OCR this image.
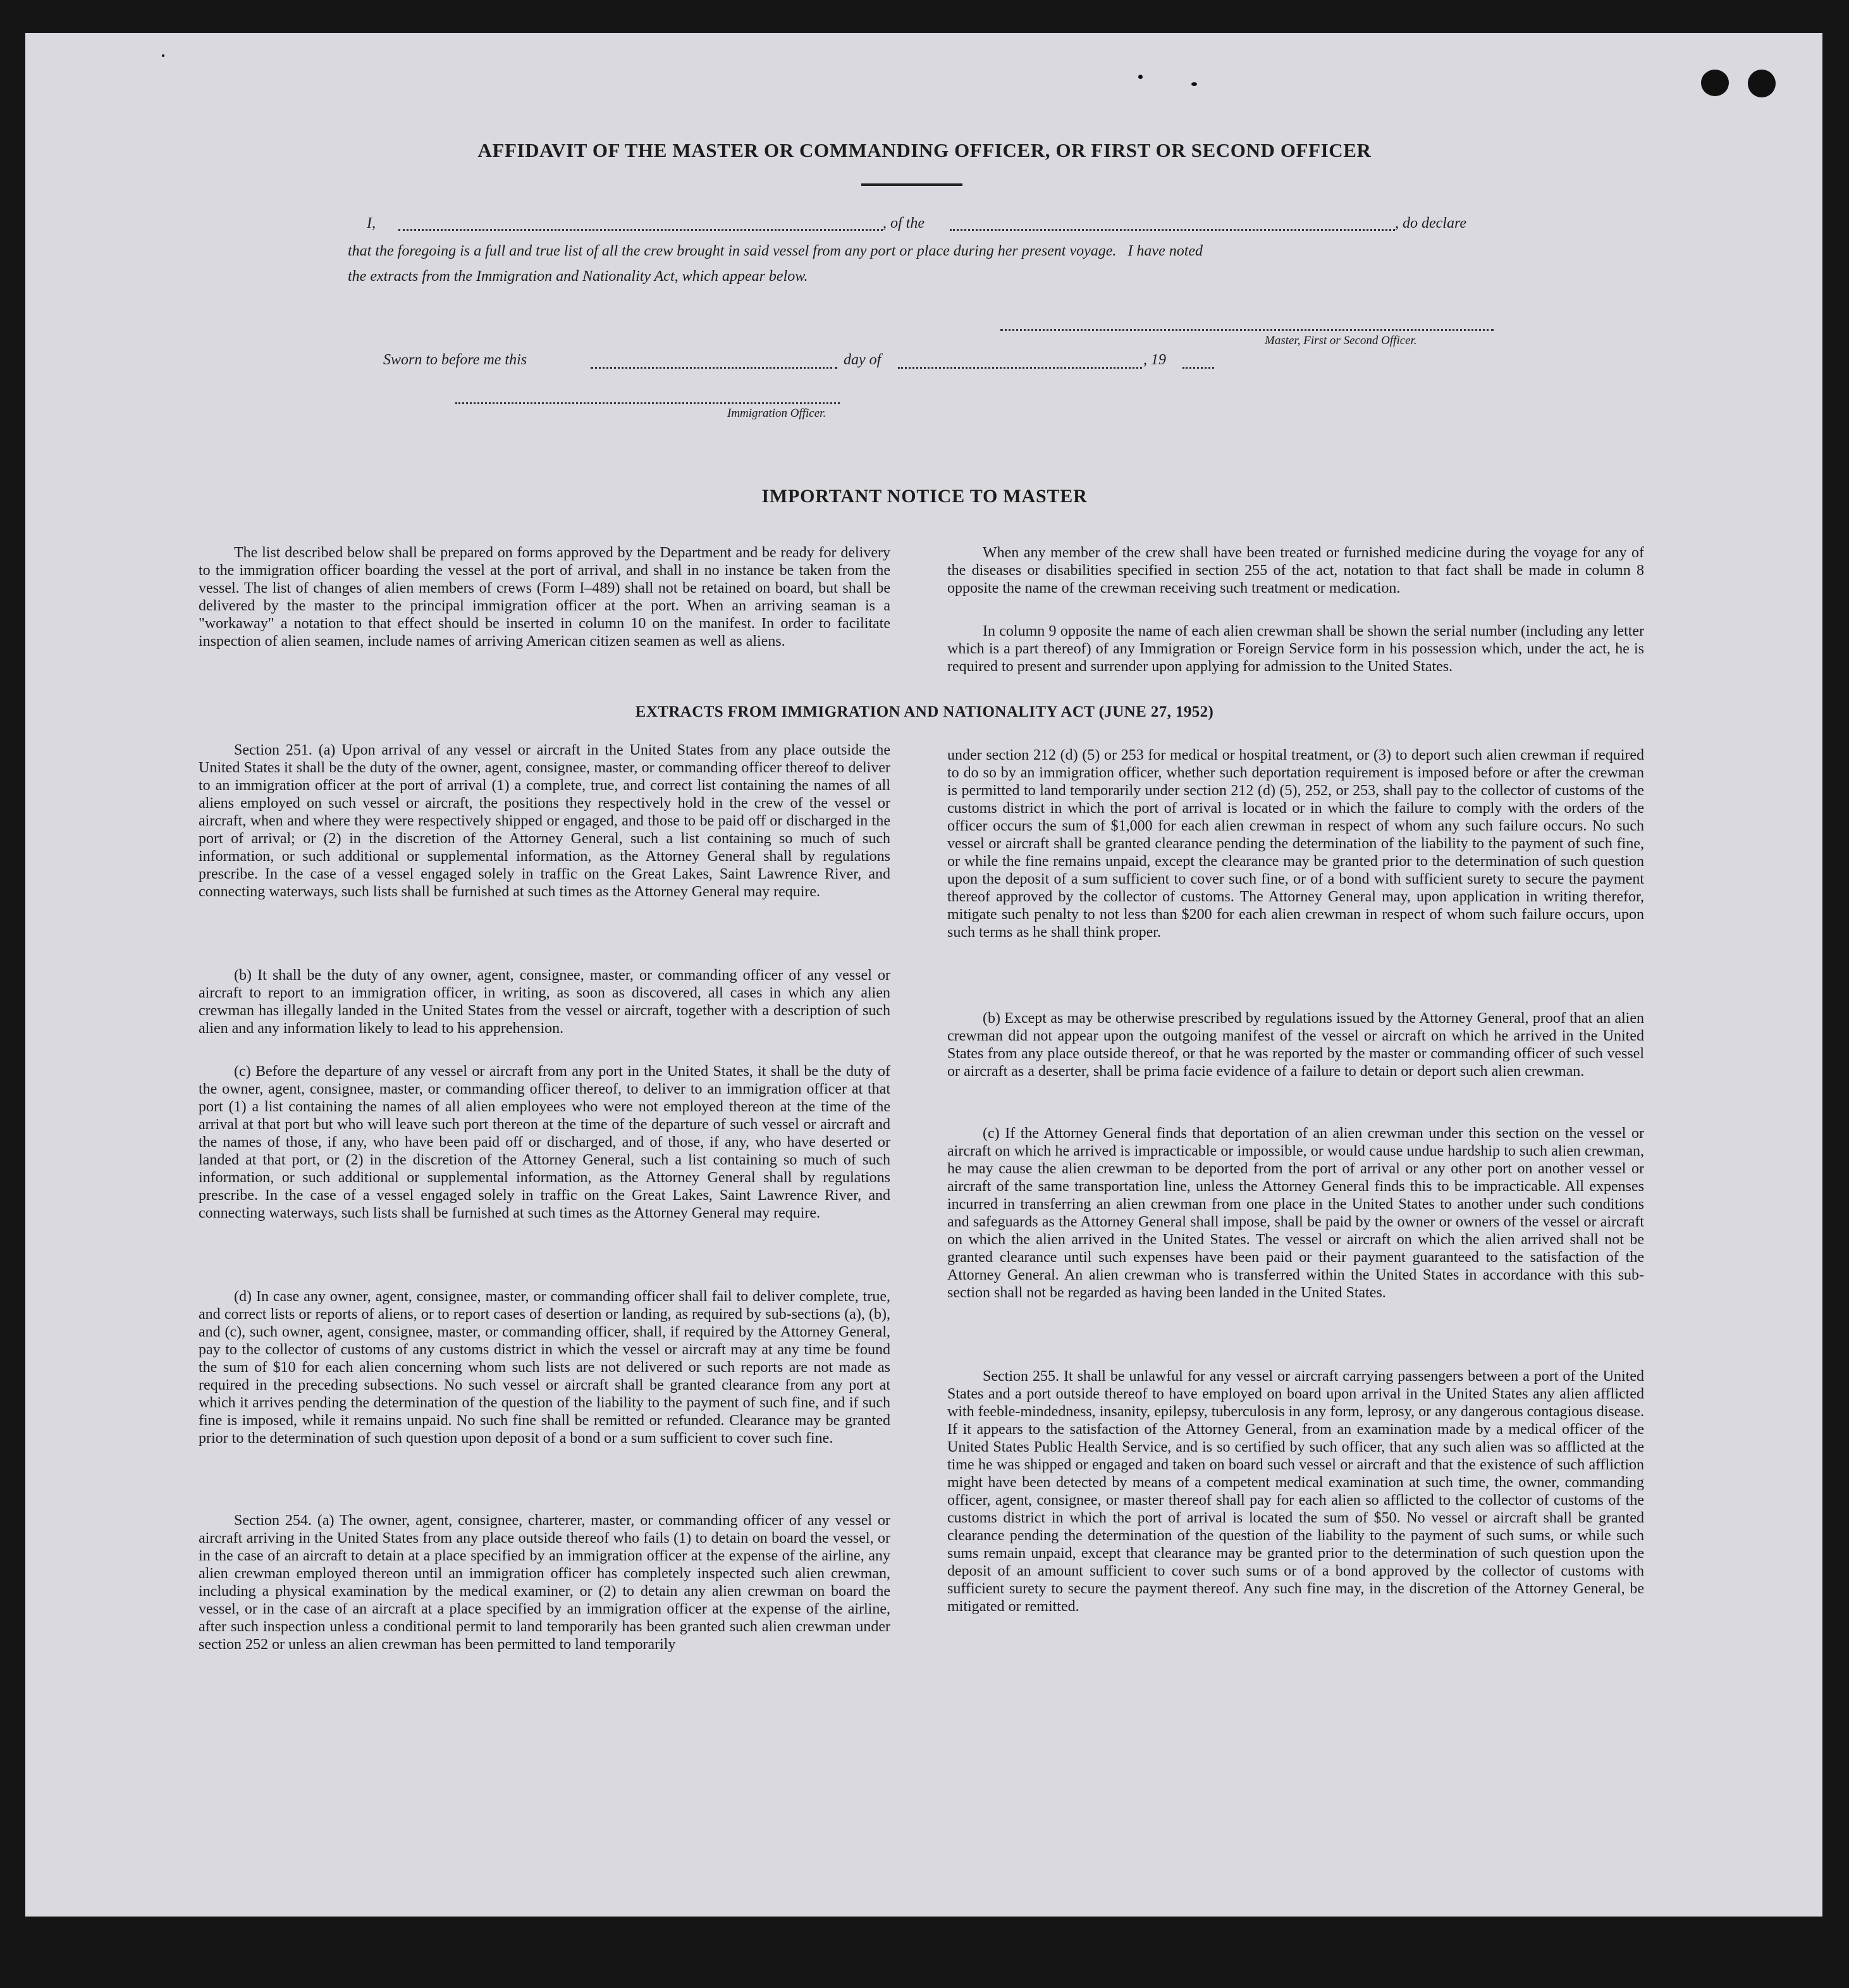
AFFIDAVIT OF THE MASTER OR COMMANDING OFFICER, OR FIRST OR SECOND OFFICER
I,	, of the	, do declare
that the foregoing is a full and true list of all the crew brought in said vessel from any port or place during her present voyage.   I have noted
the extracts from the Immigration and Nationality Act, which appear below.
Master, First or Second Officer.
Sworn to before me this	day of	, 19
Immigration Officer.
IMPORTANT NOTICE TO MASTER

The list described below shall be prepared on forms approved by the Department and be ready for delivery to the immigration officer boarding the vessel at the port of arrival, and shall in no instance be taken from the vessel. The list of changes of alien members of crews (Form I–489) shall not be retained on board, but shall be delivered by the master to the principal immigration officer at the port. When an arriving seaman is a "workaway" a notation to that effect should be inserted in column 10 on the manifest. In order to facilitate inspection of alien seamen, include names of arriving American citizen seamen as well as aliens.

When any member of the crew shall have been treated or furnished medicine during the voyage for any of the diseases or disabilities specified in section 255 of the act, notation to that fact shall be made in column 8 opposite the name of the crewman receiving such treatment or medication.

In column 9 opposite the name of each alien crewman shall be shown the serial number (including any letter which is a part thereof) of any Immigration or Foreign Service form in his possession which, under the act, he is required to present and surrender upon applying for admission to the United States.

EXTRACTS FROM IMMIGRATION AND NATIONALITY ACT (JUNE 27, 1952)

Section 251. (a) Upon arrival of any vessel or aircraft in the United States from any place outside the United States it shall be the duty of the owner, agent, consignee, master, or commanding officer thereof to deliver to an immigration officer at the port of arrival (1) a complete, true, and correct list containing the names of all aliens employed on such vessel or aircraft, the positions they respectively hold in the crew of the vessel or aircraft, when and where they were respectively shipped or engaged, and those to be paid off or discharged in the port of arrival; or (2) in the discretion of the Attorney General, such a list containing so much of such information, or such additional or supplemental information, as the Attorney General shall by regulations prescribe. In the case of a vessel engaged solely in traffic on the Great Lakes, Saint Lawrence River, and connecting waterways, such lists shall be furnished at such times as the Attorney General may require.

(b) It shall be the duty of any owner, agent, consignee, master, or commanding officer of any vessel or aircraft to report to an immigration officer, in writing, as soon as discovered, all cases in which any alien crewman has illegally landed in the United States from the vessel or aircraft, together with a description of such alien and any information likely to lead to his apprehension.

(c) Before the departure of any vessel or aircraft from any port in the United States, it shall be the duty of the owner, agent, consignee, master, or commanding officer thereof, to deliver to an immigration officer at that port (1) a list containing the names of all alien employees who were not employed thereon at the time of the arrival at that port but who will leave such port thereon at the time of the departure of such vessel or aircraft and the names of those, if any, who have been paid off or discharged, and of those, if any, who have deserted or landed at that port, or (2) in the discretion of the Attorney General, such a list containing so much of such information, or such additional or supplemental information, as the Attorney General shall by regulations prescribe. In the case of a vessel engaged solely in traffic on the Great Lakes, Saint Lawrence River, and connecting waterways, such lists shall be furnished at such times as the Attorney General may require.

(d) In case any owner, agent, consignee, master, or commanding officer shall fail to deliver complete, true, and correct lists or reports of aliens, or to report cases of desertion or landing, as required by sub-sections (a), (b), and (c), such owner, agent, consignee, master, or commanding officer, shall, if required by the Attorney General, pay to the collector of customs of any customs district in which the vessel or aircraft may at any time be found the sum of $10 for each alien concerning whom such lists are not delivered or such reports are not made as required in the preceding subsections. No such vessel or aircraft shall be granted clearance from any port at which it arrives pending the determination of the question of the liability to the payment of such fine, and if such fine is imposed, while it remains unpaid. No such fine shall be remitted or refunded. Clearance may be granted prior to the determination of such question upon deposit of a bond or a sum sufficient to cover such fine.

Section 254. (a) The owner, agent, consignee, charterer, master, or commanding officer of any vessel or aircraft arriving in the United States from any place outside thereof who fails (1) to detain on board the vessel, or in the case of an aircraft to detain at a place specified by an immigration officer at the expense of the airline, any alien crewman employed thereon until an immigration officer has completely inspected such alien crewman, including a physical examination by the medical examiner, or (2) to detain any alien crewman on board the vessel, or in the case of an aircraft at a place specified by an immigration officer at the expense of the airline, after such inspection unless a conditional permit to land temporarily has been granted such alien crewman under section 252 or unless an alien crewman has been permitted to land temporarily

under section 212 (d) (5) or 253 for medical or hospital treatment, or (3) to deport such alien crewman if required to do so by an immigration officer, whether such deportation requirement is imposed before or after the crewman is permitted to land temporarily under section 212 (d) (5), 252, or 253, shall pay to the collector of customs of the customs district in which the port of arrival is located or in which the failure to comply with the orders of the officer occurs the sum of $1,000 for each alien crewman in respect of whom any such failure occurs. No such vessel or aircraft shall be granted clearance pending the determination of the liability to the payment of such fine, or while the fine remains unpaid, except the clearance may be granted prior to the determination of such question upon the deposit of a sum sufficient to cover such fine, or of a bond with sufficient surety to secure the payment thereof approved by the collector of customs. The Attorney General may, upon application in writing therefor, mitigate such penalty to not less than $200 for each alien crewman in respect of whom such failure occurs, upon such terms as he shall think proper.

(b) Except as may be otherwise prescribed by regulations issued by the Attorney General, proof that an alien crewman did not appear upon the outgoing manifest of the vessel or aircraft on which he arrived in the United States from any place outside thereof, or that he was reported by the master or commanding officer of such vessel or aircraft as a deserter, shall be prima facie evidence of a failure to detain or deport such alien crewman.

(c) If the Attorney General finds that deportation of an alien crewman under this section on the vessel or aircraft on which he arrived is impracticable or impossible, or would cause undue hardship to such alien crewman, he may cause the alien crewman to be deported from the port of arrival or any other port on another vessel or aircraft of the same transportation line, unless the Attorney General finds this to be impracticable. All expenses incurred in transferring an alien crewman from one place in the United States to another under such conditions and safeguards as the Attorney General shall impose, shall be paid by the owner or owners of the vessel or aircraft on which the alien arrived in the United States. The vessel or aircraft on which the alien arrived shall not be granted clearance until such expenses have been paid or their payment guaranteed to the satisfaction of the Attorney General. An alien crewman who is transferred within the United States in accordance with this sub-section shall not be regarded as having been landed in the United States.

Section 255. It shall be unlawful for any vessel or aircraft carrying passengers between a port of the United States and a port outside thereof to have employed on board upon arrival in the United States any alien afflicted with feeble-mindedness, insanity, epilepsy, tuberculosis in any form, leprosy, or any dangerous contagious disease. If it appears to the satisfaction of the Attorney General, from an examination made by a medical officer of the United States Public Health Service, and is so certified by such officer, that any such alien was so afflicted at the time he was shipped or engaged and taken on board such vessel or aircraft and that the existence of such affliction might have been detected by means of a competent medical examination at such time, the owner, commanding officer, agent, consignee, or master thereof shall pay for each alien so afflicted to the collector of customs of the customs district in which the port of arrival is located the sum of $50. No vessel or aircraft shall be granted clearance pending the determination of the question of the liability to the payment of such sums, or while such sums remain unpaid, except that clearance may be granted prior to the determination of such question upon the deposit of an amount sufficient to cover such sums or of a bond approved by the collector of customs with sufficient surety to secure the payment thereof. Any such fine may, in the discretion of the Attorney General, be mitigated or remitted.
